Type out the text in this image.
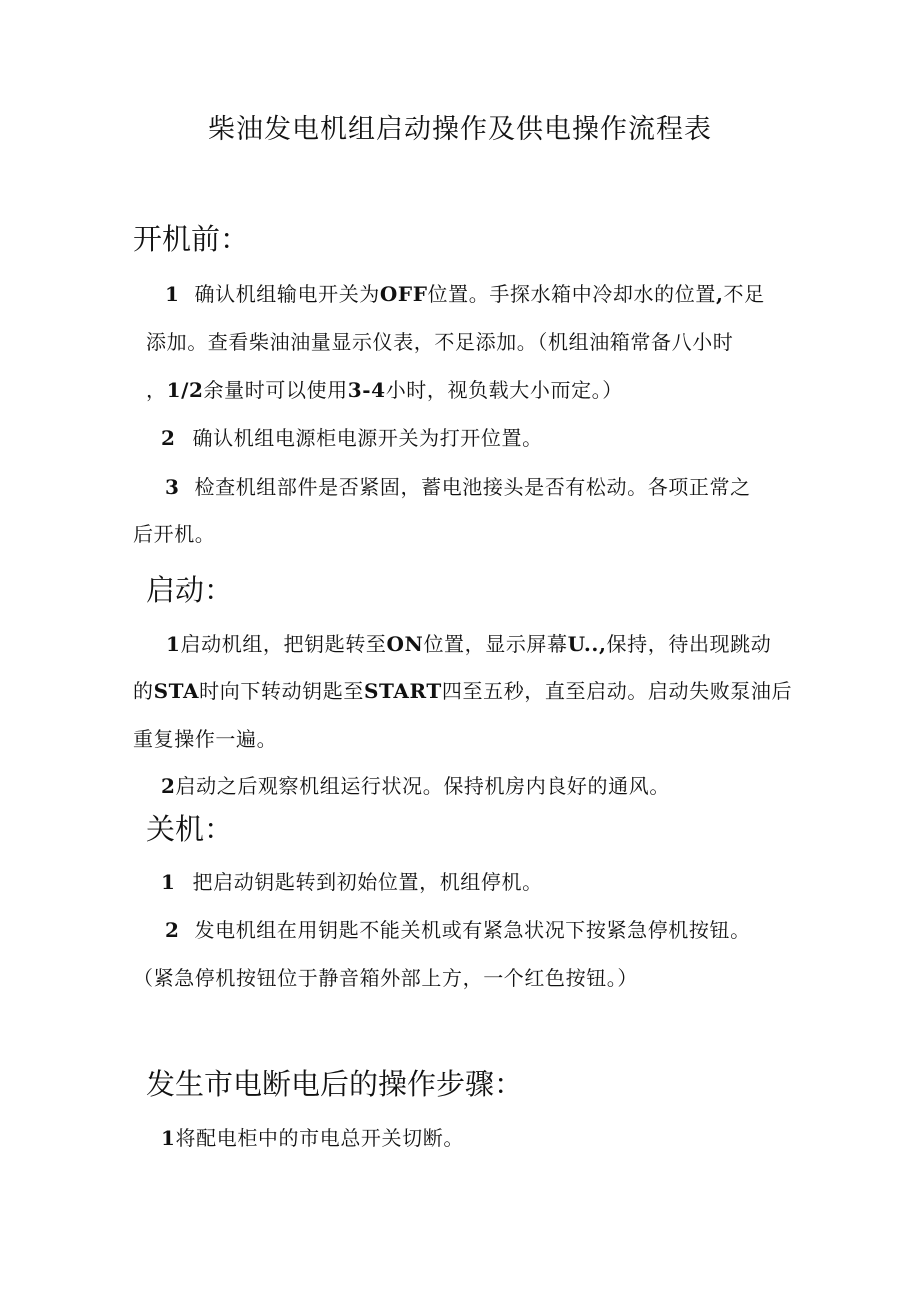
柴油发电机组启动操作及供电操作流程表
开机前：
1 确认机组输电开关为OFF位置。手探水箱中冷却水的位置,不足
添加。查看柴油油量显示仪表，不足添加。（机组油箱常备八小时
，1/2余量时可以使用3-4小时，视负载大小而定。）
2 确认机组电源柜电源开关为打开位置。
3 检查机组部件是否紧固，蓄电池接头是否有松动。各项正常之
后开机。
启动：
1启动机组，把钥匙转至ON位置，显示屏幕U..,保持，待出现跳动
的STA时向下转动钥匙至START四至五秒，直至启动。启动失败泵油后
重复操作一遍。
2启动之后观察机组运行状况。保持机房内良好的通风。
关机：
1 把启动钥匙转到初始位置，机组停机。
2 发电机组在用钥匙不能关机或有紧急状况下按紧急停机按钮。
（紧急停机按钮位于静音箱外部上方，一个红色按钮。）
发生市电断电后的操作步骤：
1将配电柜中的市电总开关切断。
